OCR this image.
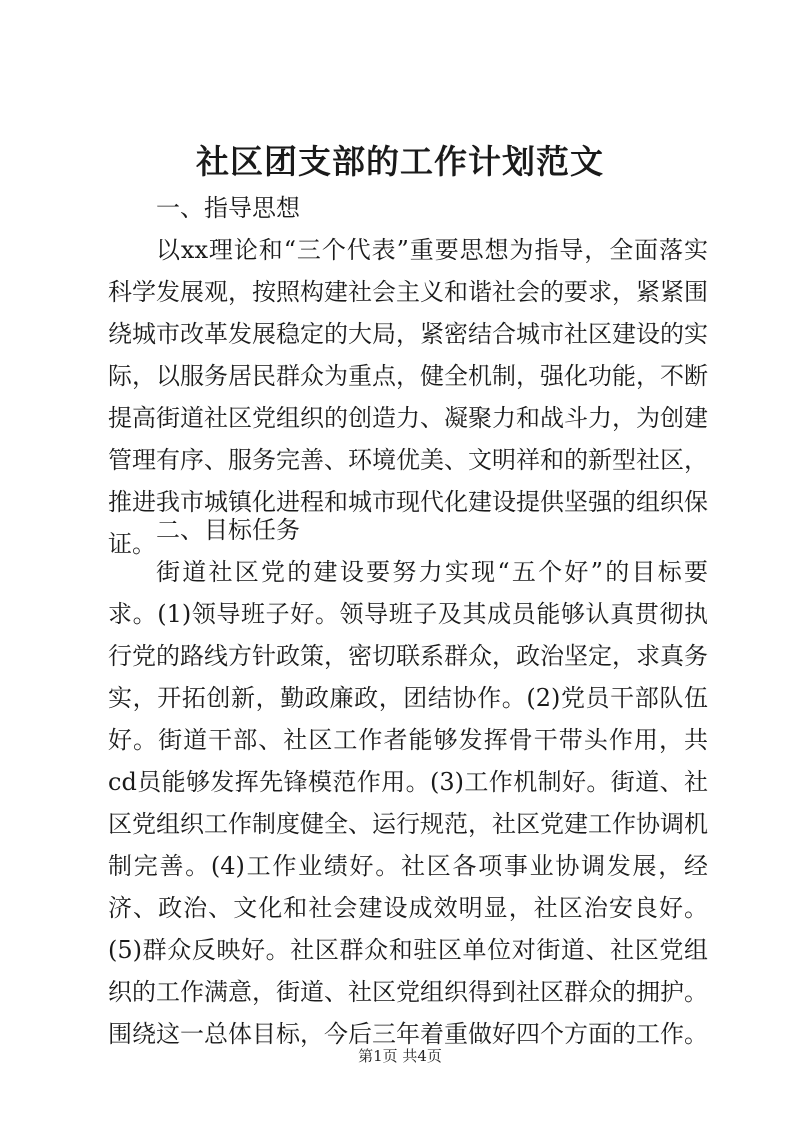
社区团支部的工作计划范文
一、指导思想
以xx理论和“三个代表”重要思想为指导，全面落实科学发展观，按照构建社会主义和谐社会的要求，紧紧围绕城市改革发展稳定的大局，紧密结合城市社区建设的实际，以服务居民群众为重点，健全机制，强化功能，不断提高街道社区党组织的创造力、凝聚力和战斗力，为创建管理有序、服务完善、环境优美、文明祥和的新型社区，推进我市城镇化进程和城市现代化建设提供坚强的组织保证。 二、目标任务
街道社区党的建设要努力实现“五个好”的目标要求。(1)领导班子好。领导班子及其成员能够认真贯彻执行党的路线方针政策，密切联系群众，政治坚定，求真务实，开拓创新，勤政廉政，团结协作。(2)党员干部队伍好。街道干部、社区工作者能够发挥骨干带头作用，共cd员能够发挥先锋模范作用。(3)工作机制好。街道、社区党组织工作制度健全、运行规范，社区党建工作协调机制完善。(4)工作业绩好。社区各项事业协调发展，经济、政治、文化和社会建设成效明显，社区治安良好。(5)群众反映好。社区群众和驻区单位对街道、社区党组织的工作满意，街道、社区党组织得到社区群众的拥护。围绕这一总体目标，今后三年着重做好四个方面的工作。
第1页 共4页
